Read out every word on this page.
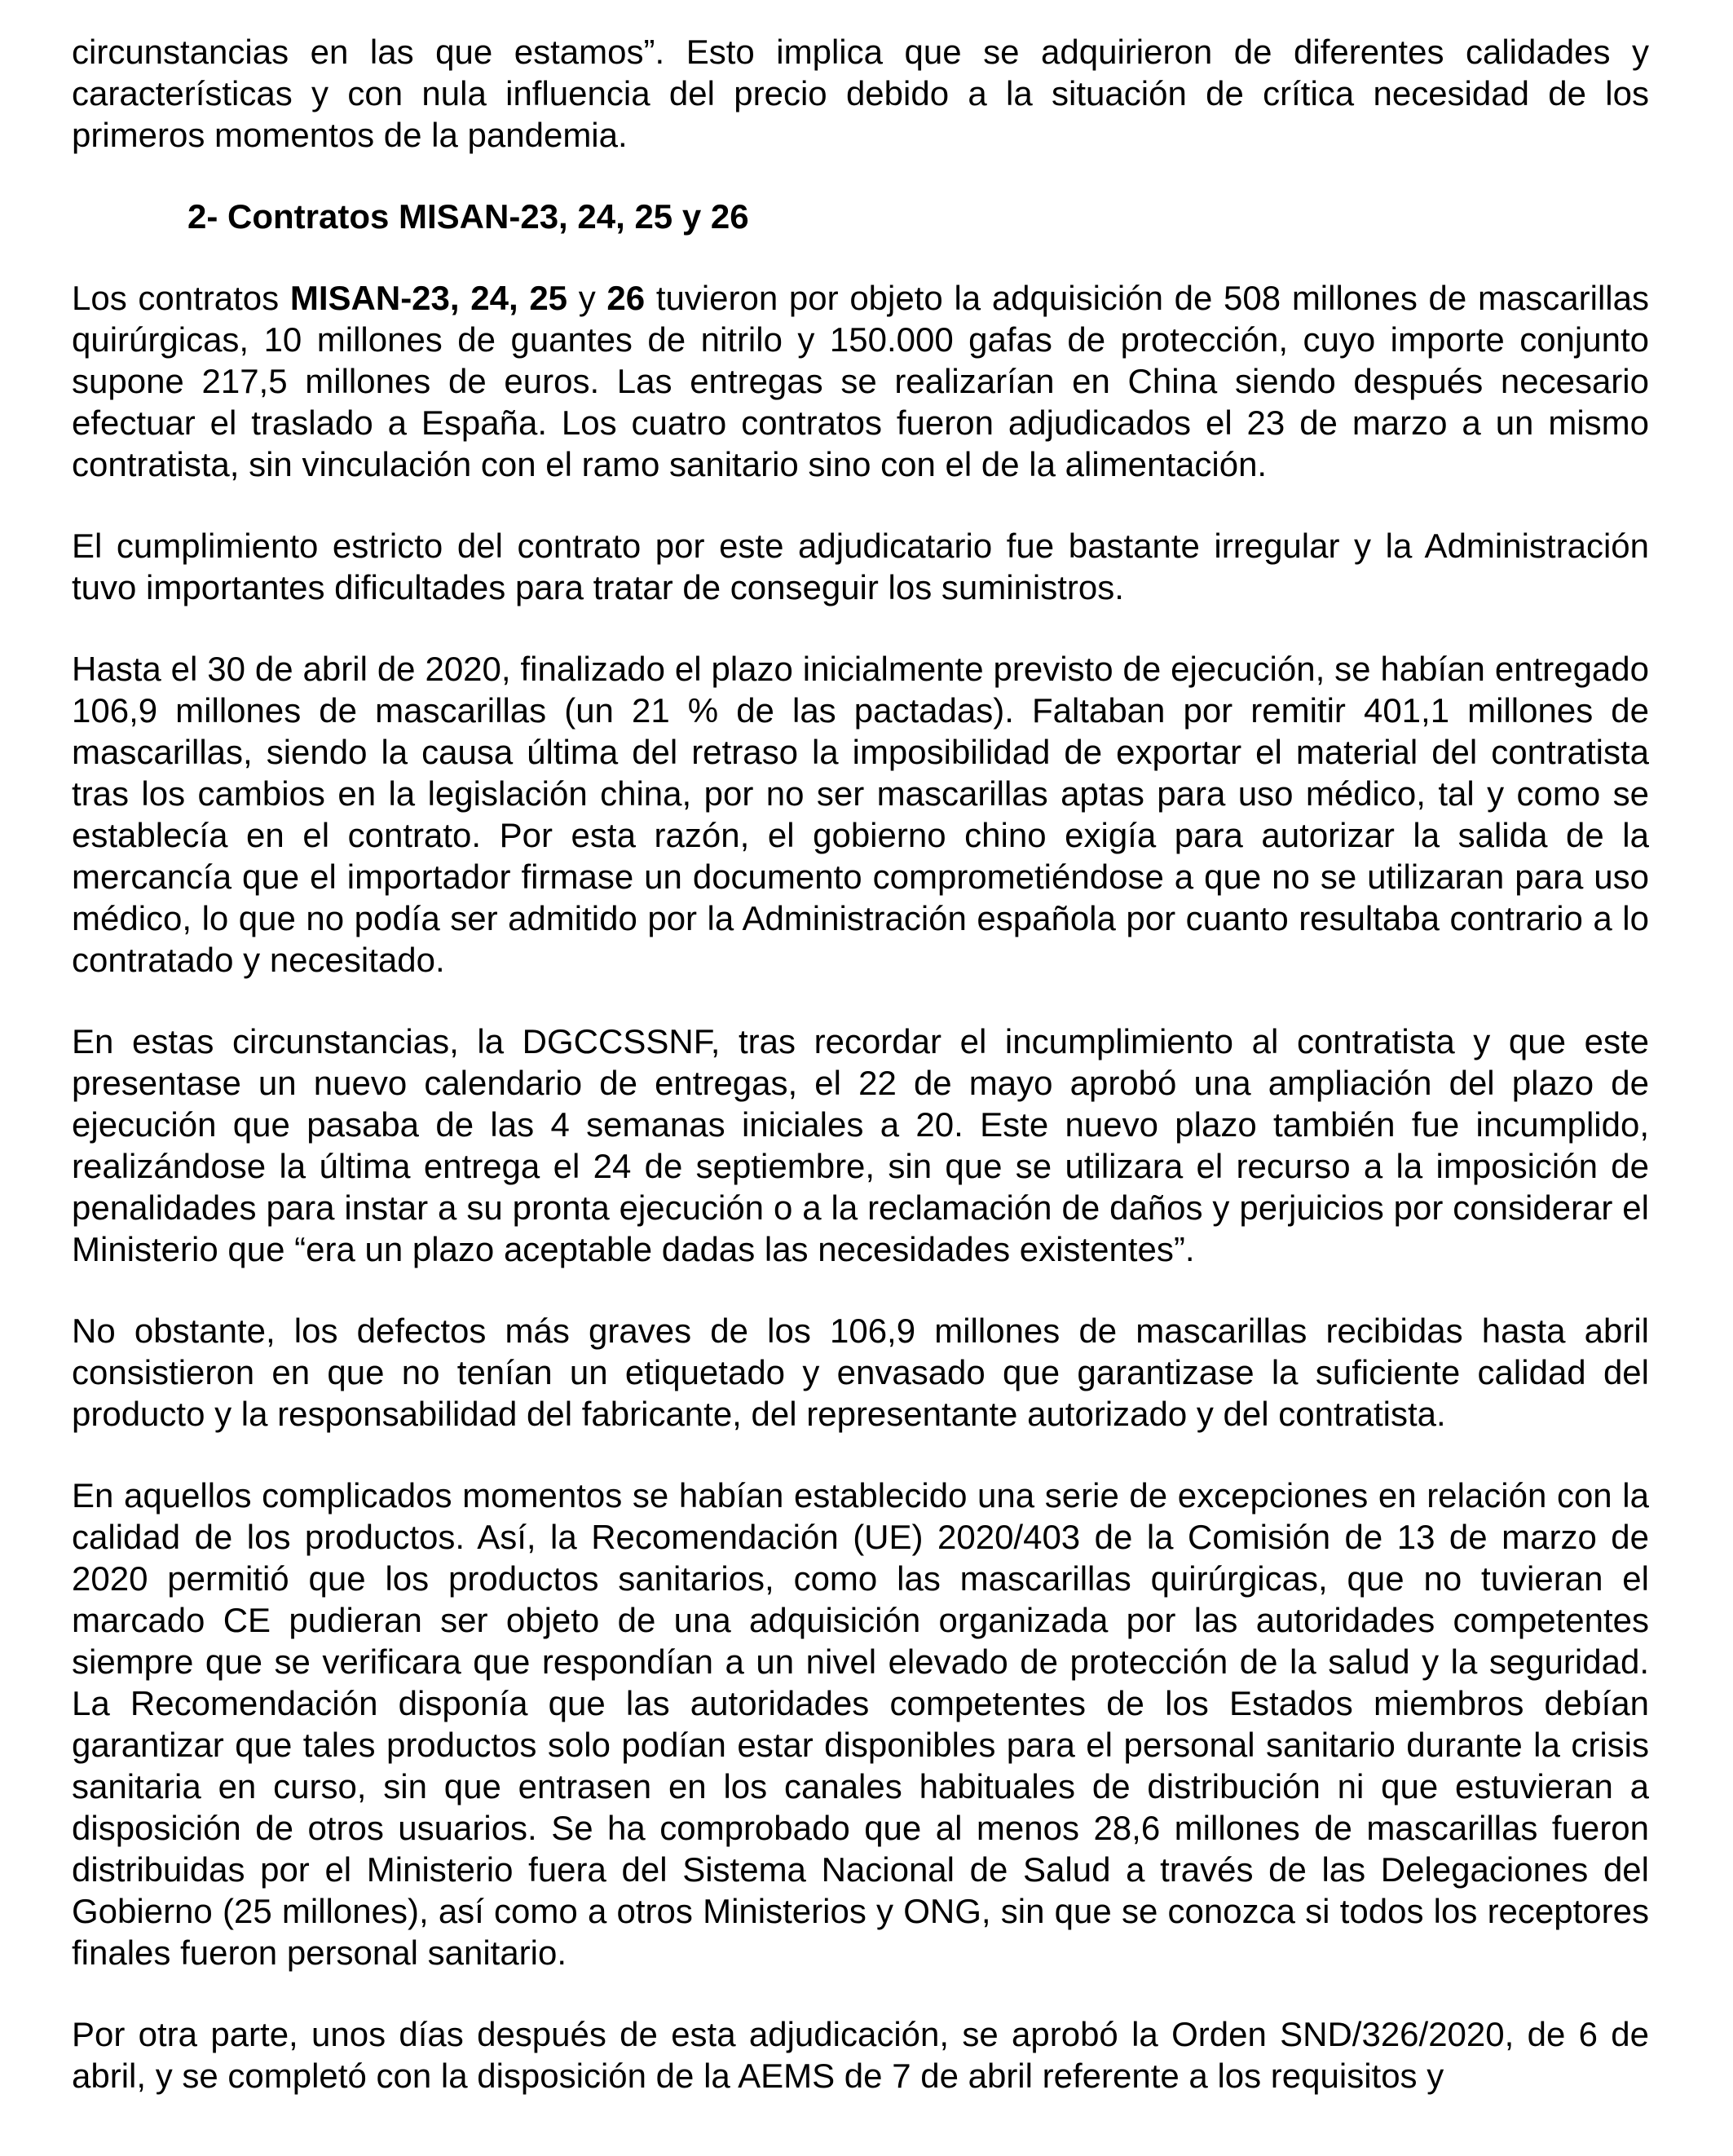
circunstancias en las que estamos”. Esto implica que se adquirieron de diferentes calidades y características y con nula influencia del precio debido a la situación de crítica necesidad de los primeros momentos de la pandemia.

2- Contratos MISAN-23, 24, 25 y 26

Los contratos MISAN-23, 24, 25 y 26 tuvieron por objeto la adquisición de 508 millones de mascarillas quirúrgicas, 10 millones de guantes de nitrilo y 150.000 gafas de protección, cuyo importe conjunto supone 217,5 millones de euros. Las entregas se realizarían en China siendo después necesario efectuar el traslado a España. Los cuatro contratos fueron adjudicados el 23 de marzo a un mismo contratista, sin vinculación con el ramo sanitario sino con el de la alimentación.

El cumplimiento estricto del contrato por este adjudicatario fue bastante irregular y la Administración tuvo importantes dificultades para tratar de conseguir los suministros.

Hasta el 30 de abril de 2020, finalizado el plazo inicialmente previsto de ejecución, se habían entregado 106,9 millones de mascarillas (un 21 % de las pactadas). Faltaban por remitir 401,1 millones de mascarillas, siendo la causa última del retraso la imposibilidad de exportar el material del contratista tras los cambios en la legislación china, por no ser mascarillas aptas para uso médico, tal y como se establecía en el contrato. Por esta razón, el gobierno chino exigía para autorizar la salida de la mercancía que el importador firmase un documento comprometiéndose a que no se utilizaran para uso médico, lo que no podía ser admitido por la Administración española por cuanto resultaba contrario a lo contratado y necesitado.

En estas circunstancias, la DGCCSSNF, tras recordar el incumplimiento al contratista y que este presentase un nuevo calendario de entregas, el 22 de mayo aprobó una ampliación del plazo de ejecución que pasaba de las 4 semanas iniciales a 20. Este nuevo plazo también fue incumplido, realizándose la última entrega el 24 de septiembre, sin que se utilizara el recurso a la imposición de penalidades para instar a su pronta ejecución o a la reclamación de daños y perjuicios por considerar el Ministerio que “era un plazo aceptable dadas las necesidades existentes”.

No obstante, los defectos más graves de los 106,9 millones de mascarillas recibidas hasta abril consistieron en que no tenían un etiquetado y envasado que garantizase la suficiente calidad del producto y la responsabilidad del fabricante, del representante autorizado y del contratista.

En aquellos complicados momentos se habían establecido una serie de excepciones en relación con la calidad de los productos. Así, la Recomendación (UE) 2020/403 de la Comisión de 13 de marzo de 2020 permitió que los productos sanitarios, como las mascarillas quirúrgicas, que no tuvieran el marcado CE pudieran ser objeto de una adquisición organizada por las autoridades competentes siempre que se verificara que respondían a un nivel elevado de protección de la salud y la seguridad. La Recomendación disponía que las autoridades competentes de los Estados miembros debían garantizar que tales productos solo podían estar disponibles para el personal sanitario durante la crisis sanitaria en curso, sin que entrasen en los canales habituales de distribución ni que estuvieran a disposición de otros usuarios. Se ha comprobado que al menos 28,6 millones de mascarillas fueron distribuidas por el Ministerio fuera del Sistema Nacional de Salud a través de las Delegaciones del Gobierno (25 millones), así como a otros Ministerios y ONG, sin que se conozca si todos los receptores finales fueron personal sanitario.

Por otra parte, unos días después de esta adjudicación, se aprobó la Orden SND/326/2020, de 6 de abril, y se completó con la disposición de la AEMS de 7 de abril referente a los requisitos y
